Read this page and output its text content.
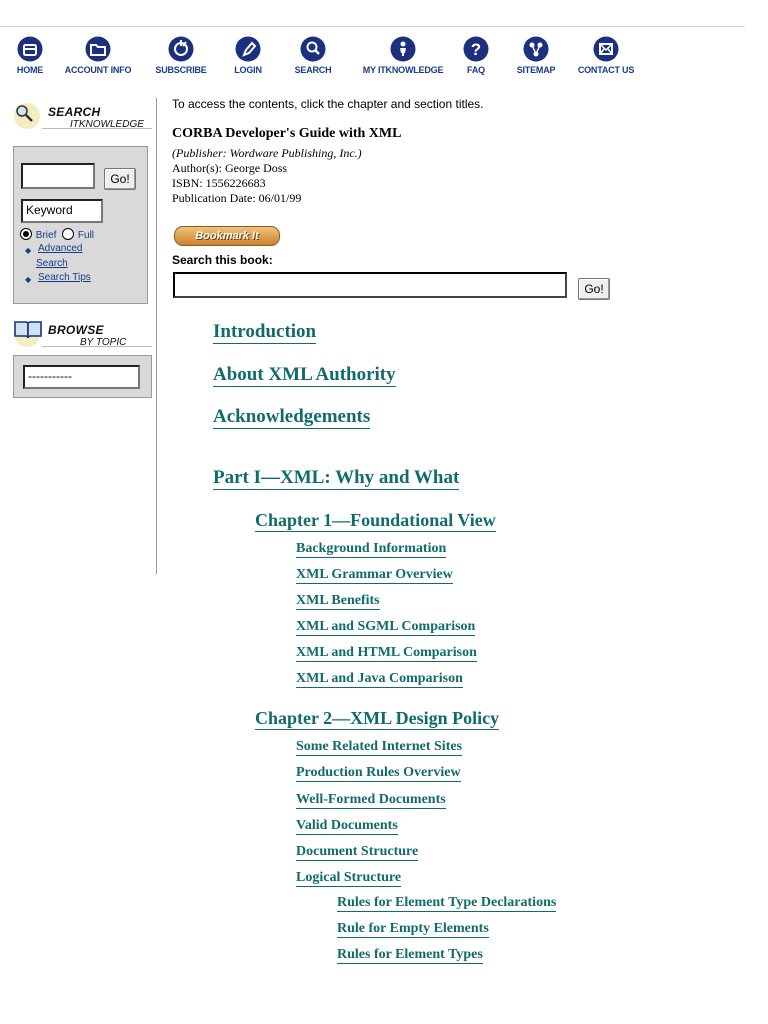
HOME	ACCOUNT INFO	SUBSCRIBE	LOGIN	SEARCH	MY ITKNOWLEDGE
?
FAQ	SITEMAP	CONTACT US
SEARCH
ITKNOWLEDGE
Go!
Keyword
Brief Full
◆ Advanced
Search
◆ Search Tips
BROWSE
BY TOPIC
-----------
To access the contents, click the chapter and section titles.
CORBA Developer's Guide with XML
(Publisher: Wordware Publishing, Inc.)
Author(s): George Doss
ISBN: 1556226683
Publication Date: 06/01/99
Bookmark It
Search this book:
Go!
Introduction
About XML Authority
Acknowledgements
Part I—XML: Why and What
Chapter 1—Foundational View
Background Information
XML Grammar Overview
XML Benefits
XML and SGML Comparison
XML and HTML Comparison
XML and Java Comparison
Chapter 2—XML Design Policy
Some Related Internet Sites
Production Rules Overview
Well-Formed Documents
Valid Documents
Document Structure
Logical Structure
Rules for Element Type Declarations
Rule for Empty Elements
Rules for Element Types
